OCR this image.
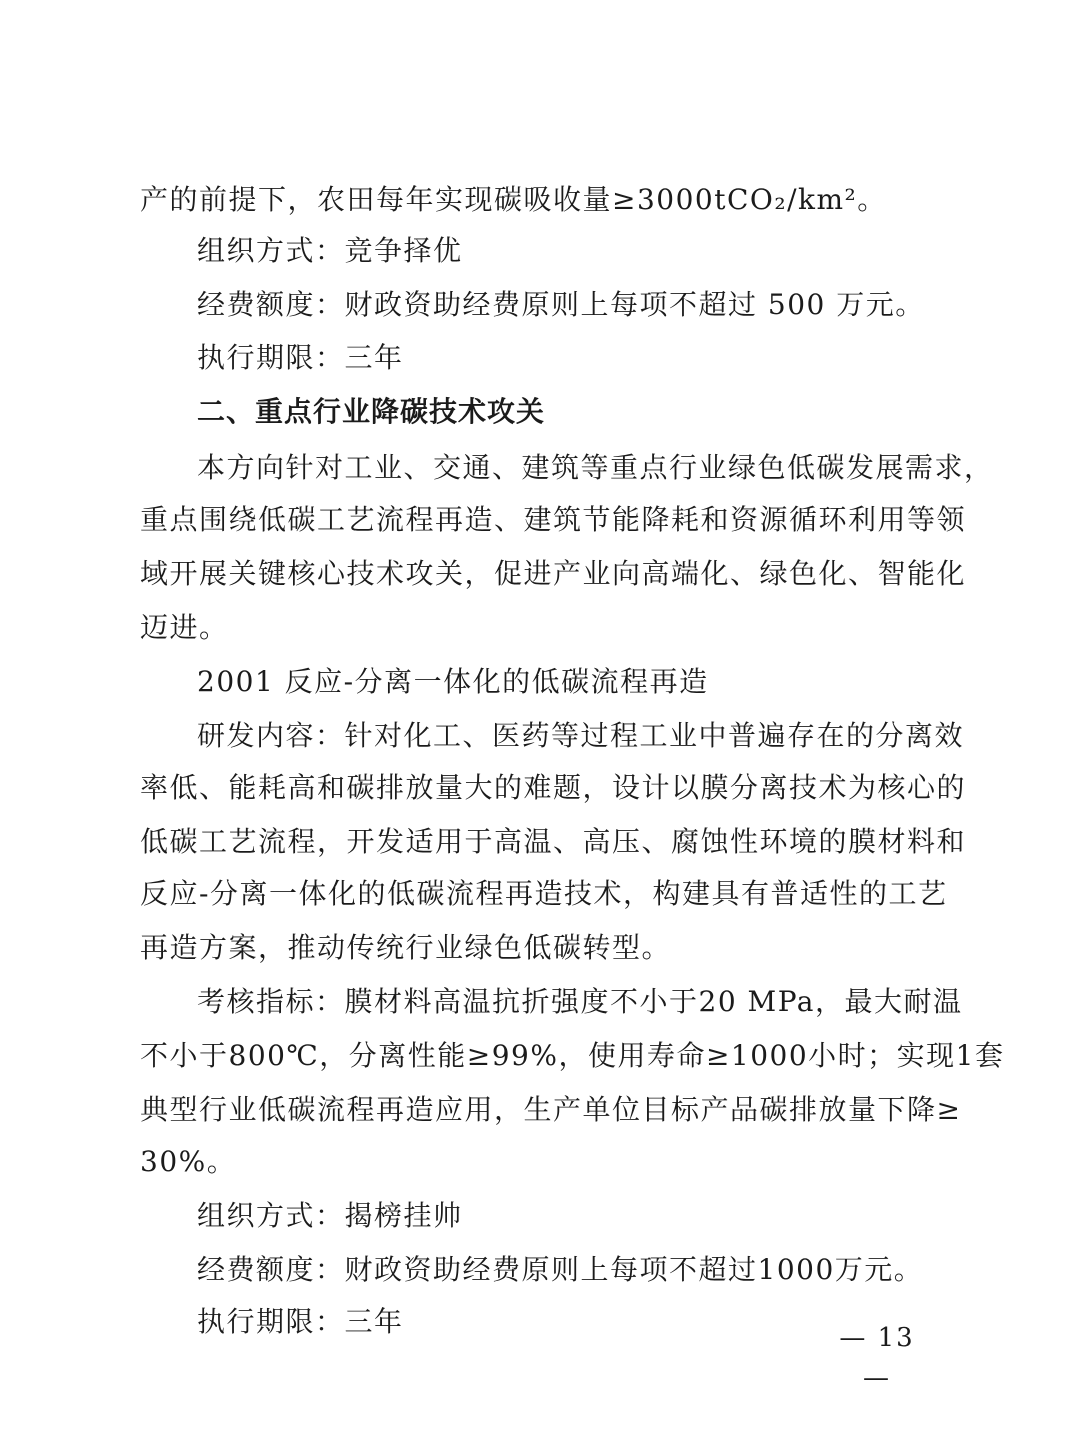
产的前提下，农田每年实现碳吸收量≥3000tCO₂/km²。
组织方式：竞争择优
经费额度：财政资助经费原则上每项不超过 500 万元。
执行期限：三年
二、重点行业降碳技术攻关
本方向针对工业、交通、建筑等重点行业绿色低碳发展需求，
重点围绕低碳工艺流程再造、建筑节能降耗和资源循环利用等领
域开展关键核心技术攻关，促进产业向高端化、绿色化、智能化
迈进。
2001 反应-分离一体化的低碳流程再造
研发内容：针对化工、医药等过程工业中普遍存在的分离效
率低、能耗高和碳排放量大的难题，设计以膜分离技术为核心的
低碳工艺流程，开发适用于高温、高压、腐蚀性环境的膜材料和
反应-分离一体化的低碳流程再造技术，构建具有普适性的工艺
再造方案，推动传统行业绿色低碳转型。
考核指标：膜材料高温抗折强度不小于20 MPa，最大耐温
不小于800℃，分离性能≥99%，使用寿命≥1000小时；实现1套
典型行业低碳流程再造应用，生产单位目标产品碳排放量下降≥
30%。
组织方式：揭榜挂帅
经费额度：财政资助经费原则上每项不超过1000万元。
执行期限：三年	— 13 —
